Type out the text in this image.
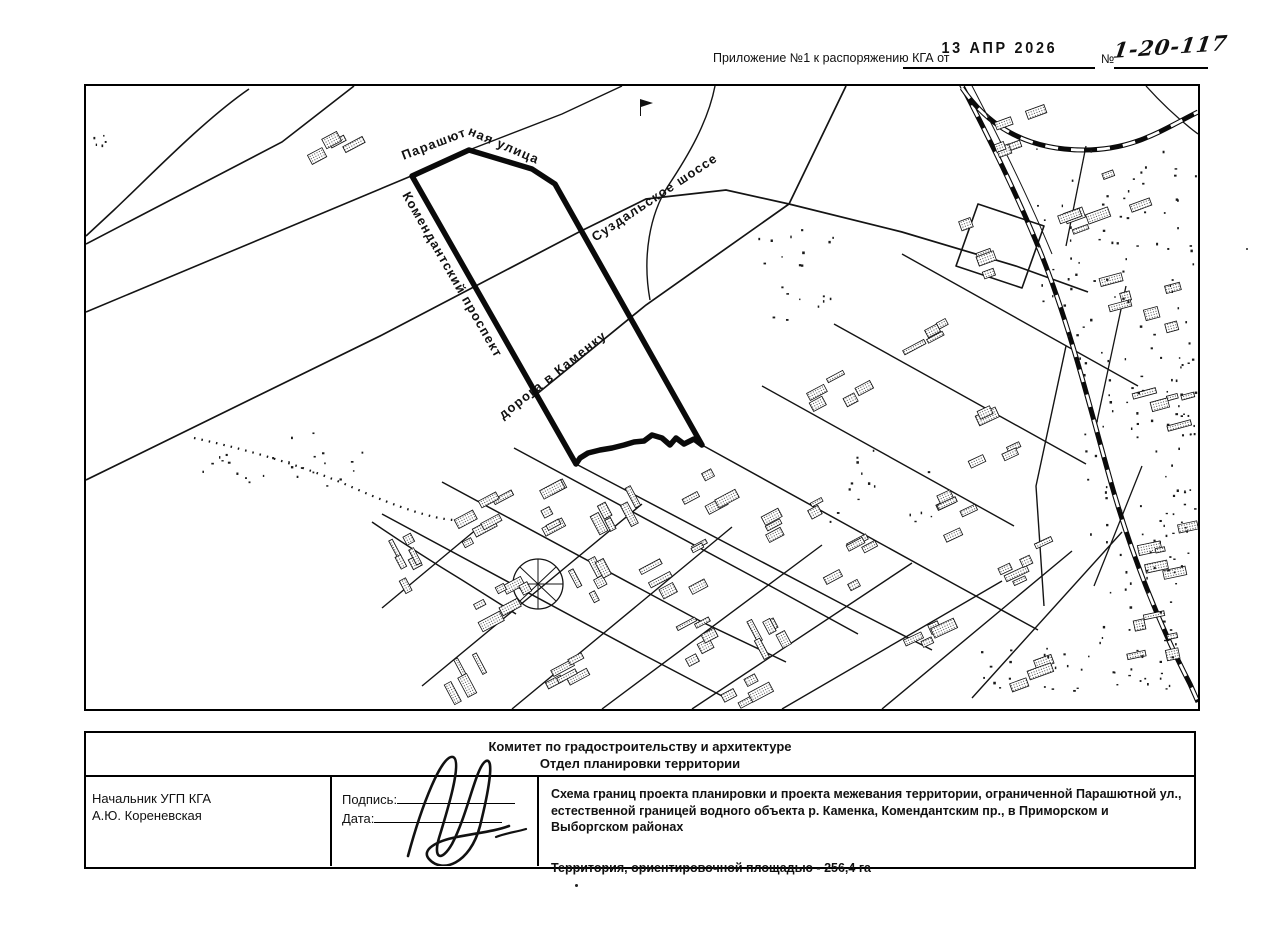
Приложение №1 к распоряжению КГА от
13 АПР 2026
№
1-20-117
Парашютная улица
Комендантский проспект
Суздальское шоссе
дорога в Каменку
Комитет по градостроительству и архитектуре
Отдел планировки территории
Начальник УГП КГА
А.Ю. Кореневская
Подпись:
Дата:
Схема границ проекта планировки и проекта межевания территории, ограниченной Парашютной ул., естественной границей водного объекта р. Каменка, Комендантским пр., в Приморском и Выборгском районах
Территория, ориентировочной площадью - 256,4 га
